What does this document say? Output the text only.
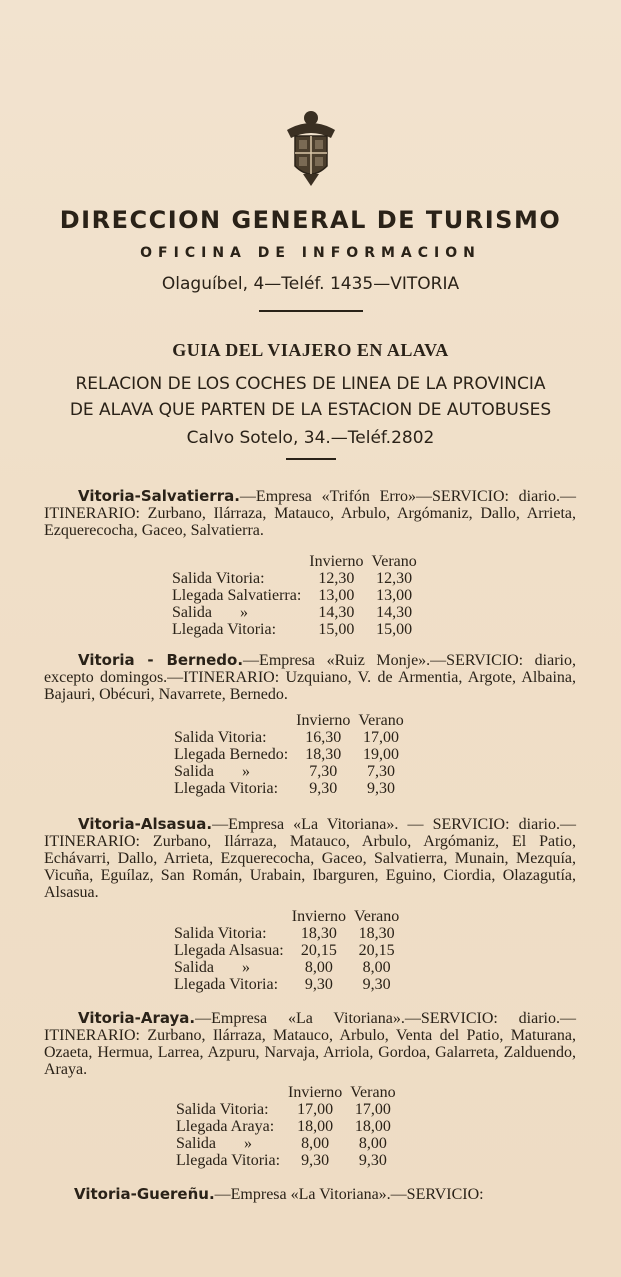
DIRECCION GENERAL DE TURISMO
OFICINA DE INFORMACION
Olaguíbel, 4—Teléf. 1435—VITORIA
GUIA DEL VIAJERO EN ALAVA
RELACION DE LOS COCHES DE LINEA DE LA PROVINCIA
DE ALAVA QUE PARTEN DE LA ESTACION DE AUTOBUSES
Calvo Sotelo, 34.—Teléf.2802
Vitoria-Salvatierra.—Empresa «Trifón Erro»—SERVICIO: diario.—ITINERARIO: Zurbano, Ilárraza, Matauco, Arbulo, Argómaniz, Dallo, Arrieta, Ezquerecocha, Gaceo, Salvatierra.
	Invierno	Verano
Salida Vitoria:	12,30	12,30
Llegada Salvatierra:	13,00	13,00
Salida       »	14,30	14,30
Llegada Vitoria:	15,00	15,00
Vitoria - Bernedo.—Empresa «Ruiz Monje».—SERVICIO: diario, excepto domingos.—ITINERARIO: Uzquiano, V. de Armentia, Argote, Albaina, Bajauri, Obécuri, Navarrete, Bernedo.
	Invierno	Verano
Salida Vitoria:	16,30	17,00
Llegada Bernedo:	18,30	19,00
Salida       »	7,30	7,30
Llegada Vitoria:	9,30	9,30
Vitoria-Alsasua.—Empresa «La Vitoriana». — SERVICIO: diario.—ITINERARIO: Zurbano, Ilárraza, Matauco, Arbulo, Argómaniz, El Patio, Echávarri, Dallo, Arrieta, Ezquerecocha, Gaceo, Salvatierra, Munain, Mezquía, Vicuña, Eguílaz, San Román, Urabain, Ibarguren, Eguino, Ciordia, Olazagutía, Alsasua.
	Invierno	Verano
Salida Vitoria:	18,30	18,30
Llegada Alsasua:	20,15	20,15
Salida       »	8,00	8,00
Llegada Vitoria:	9,30	9,30
Vitoria-Araya.—Empresa «La Vitoriana».—SERVICIO: diario.—ITINERARIO: Zurbano, Ilárraza, Matauco, Arbulo, Venta del Patio, Maturana, Ozaeta, Hermua, Larrea, Azpuru, Narvaja, Arriola, Gordoa, Galarreta, Zalduendo, Araya.
	Invierno	Verano
Salida Vitoria:	17,00	17,00
Llegada Araya:	18,00	18,00
Salida       »	8,00	8,00
Llegada Vitoria:	9,30	9,30
Vitoria-Guereñu.—Empresa «La Vitoriana».—SERVICIO:
